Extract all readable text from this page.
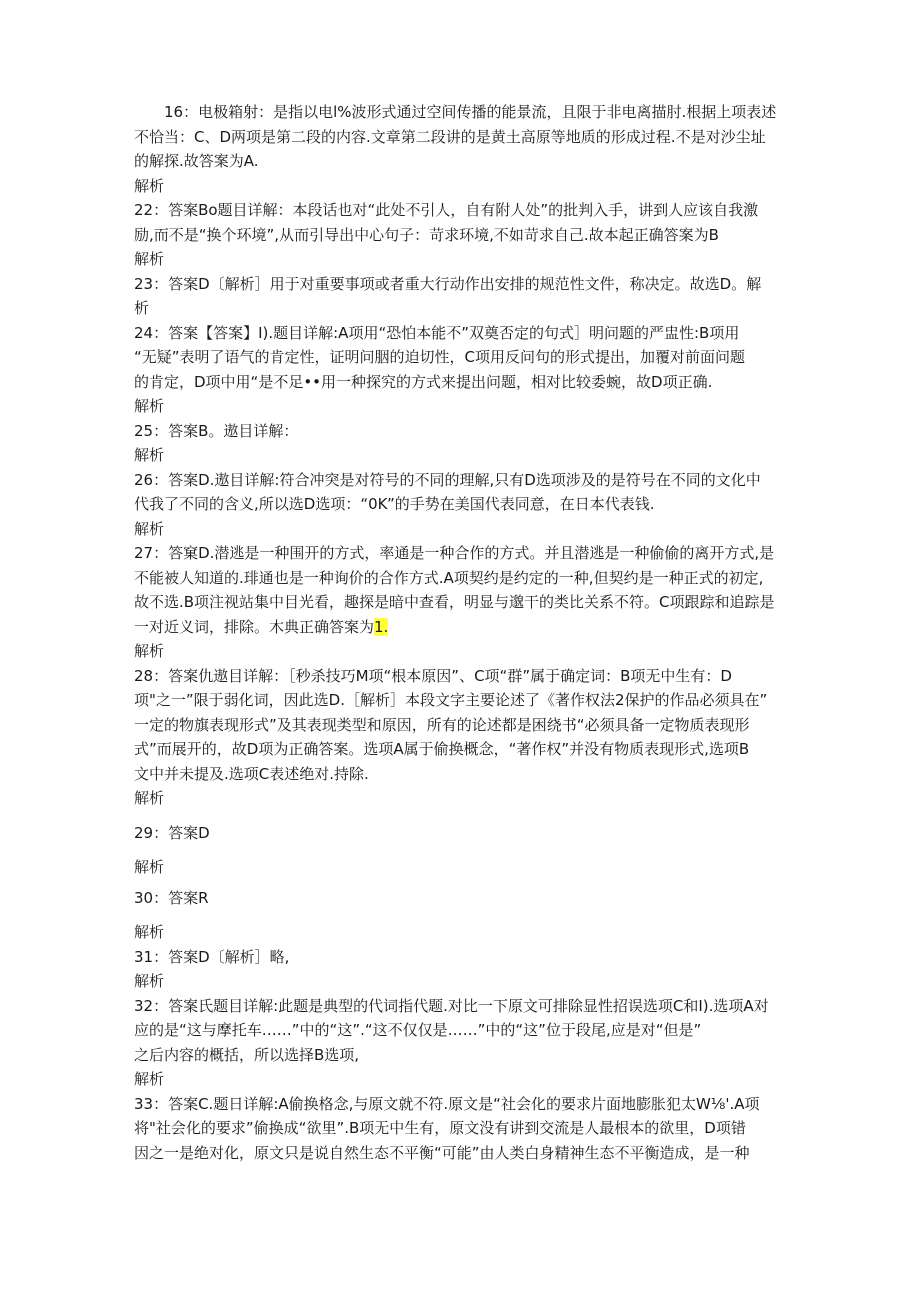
16：电极箱射：是指以电l%波形式通过空间传播的能景流，且限于非电离描肘.根据上项表述
不恰当：C、D两项是第二段的内容.文章第二段讲的是黄土高原等地质的形成过程.不是对沙尘址
的解探.故答案为A.
解析
22：答案Bo题目详解：本段话也对“此处不引人，自有附人处”的批判入手，讲到人应该自我激
励,而不是“换个环境”,从而引导出中心句子：苛求环境,不如苛求自己.故本起正确答案为B
解析
23：答案D〔解析］用于对重要事项或者重大行动作出安排的规范性文件，称决定。故选D。解
析
24：答案【答案】I).题目详解:A项用“恐怕本能不”双奠否定的句式］明问题的严盅性:B项用
“无疑”表明了语气的肯定性，证明问胭的迫切性，C项用反问句的形式提出，加覆对前面问题
的肯定，D项中用“是不足••用一种探究的方式来提出问题，相对比较委蜿，故D项正确.
解析
25：答案B。遨目详解：
解析
26：答案D.遨目详解:符合冲突是对符号的不同的理解,只有D选项涉及的是符号在不同的文化中
代我了不同的含义,所以选D选项：“0K”的手势在美国代表同意，在日本代表钱.
解析
27：答窠D.潜逃是一种围开的方式，率通是一种合作的方式。并且潜逃是一种偷偷的离开方式,是
不能被人知道的.琲通也是一种询价的合作方式.A项契约是约定的一种,但契约是一种正式的初定,
故不选.B项注视站集中目光看，趣探是暗中查看，明显与邈干的类比关系不符。C项跟踪和追踪是
一对近义词，排除。木典正确答案为1.
解析
28：答案仇遨目详解：［秒杀技巧M项“根本原因”、C项“群”属于确定词：B项无中生有：D
项"之一”限于弱化词，因此选D.［解析］本段文字主要论述了《著作权法2保护的作品必须具在”
一定的物旗表现形式”及其表现类型和原因，所有的论述都是困绕书“必须具备一定物质表现形
式”而展开的，故D项为正确答案。选项A属于偷换概念，“著作权”并没有物质表现形式,选项B
文中并未提及.选项C表述绝对.持除.
解析
29：答案D
解析
30：答案R
解析
31：答案D〔解析］略,
解析
32：答案氏题目详解:此题是典型的代词指代题.对比一下原文可排除显性招误选项C和I).选项A对
应的是“这与摩托车……”中的“这”.“这不仅仅是……”中的“这”位于段尾,应是对“但是”
之后内容的概括，所以选择B选项,
解析
33：答案C.题日详解:A偷换格念,与原文就不符.原文是“社会化的要求片面地膨胀犯太W⅛'.A项
将"社会化的要求”偷换成“欲里”.B项无中生有，原文没有讲到交流是人最根本的欲里，D项错
因之一是绝对化，原文只是说自然生态不平衡“可能”由人类白身精神生态不平衡造成，是一种
